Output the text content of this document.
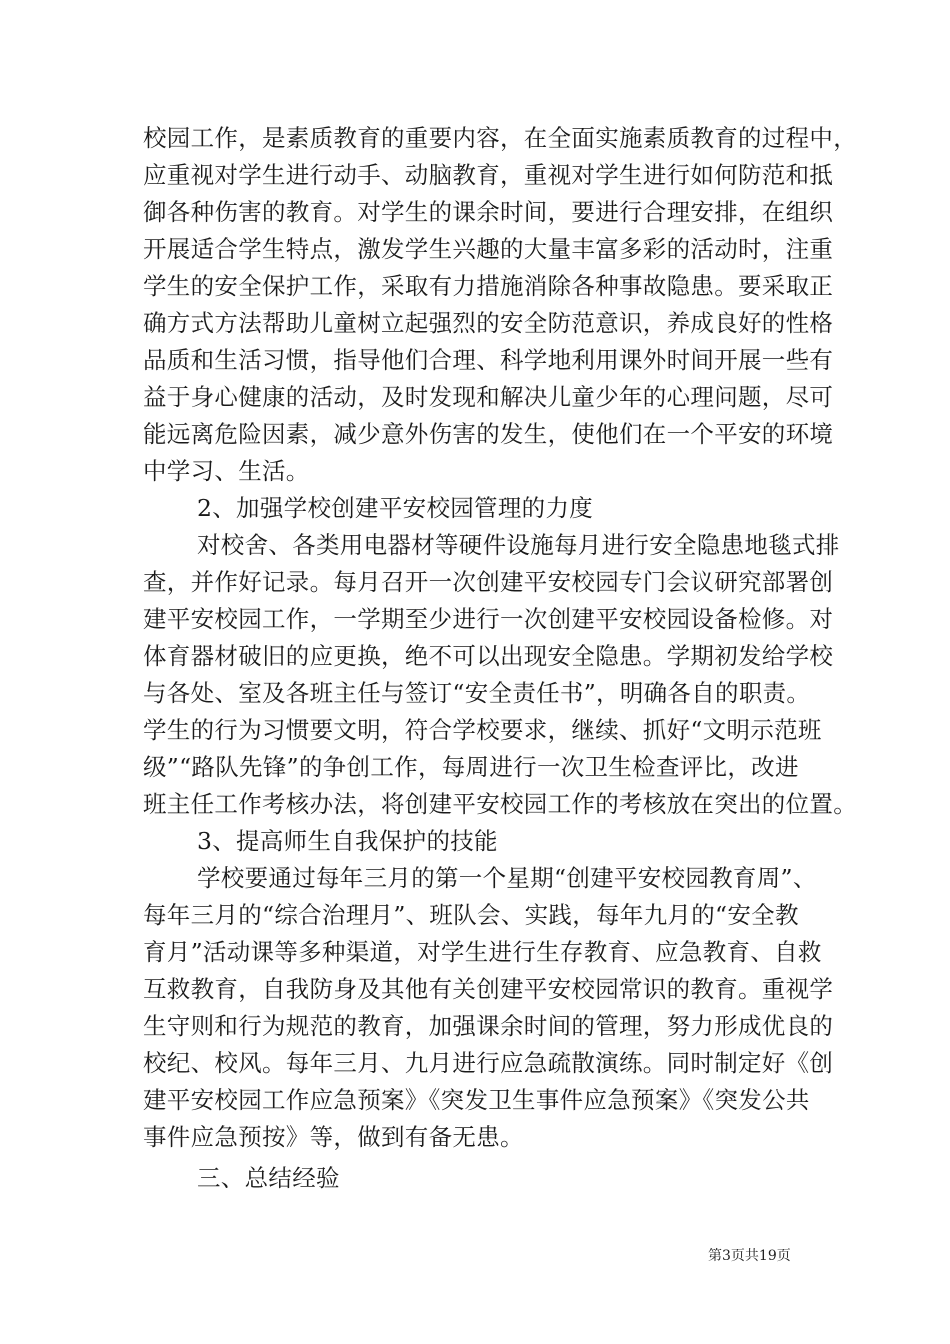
校园工作，是素质教育的重要内容，在全面实施素质教育的过程中，
应重视对学生进行动手、动脑教育，重视对学生进行如何防范和抵
御各种伤害的教育。对学生的课余时间，要进行合理安排，在组织
开展适合学生特点，激发学生兴趣的大量丰富多彩的活动时，注重
学生的安全保护工作，采取有力措施消除各种事故隐患。要采取正
确方式方法帮助儿童树立起强烈的安全防范意识，养成良好的性格
品质和生活习惯，指导他们合理、科学地利用课外时间开展一些有
益于身心健康的活动，及时发现和解决儿童少年的心理问题，尽可
能远离危险因素，减少意外伤害的发生，使他们在一个平安的环境
中学习、生活。
2、加强学校创建平安校园管理的力度
对校舍、各类用电器材等硬件设施每月进行安全隐患地毯式排
查，并作好记录。每月召开一次创建平安校园专门会议研究部署创
建平安校园工作，一学期至少进行一次创建平安校园设备检修。对
体育器材破旧的应更换，绝不可以出现安全隐患。学期初发给学校
与各处、室及各班主任与签订“安全责任书”，明确各自的职责。
学生的行为习惯要文明，符合学校要求，继续、抓好“文明示范班
级”“路队先锋”的争创工作，每周进行一次卫生检查评比，改进
班主任工作考核办法，将创建平安校园工作的考核放在突出的位置。
3、提高师生自我保护的技能
学校要通过每年三月的第一个星期“创建平安校园教育周”、
每年三月的“综合治理月”、班队会、实践，每年九月的“安全教
育月”活动课等多种渠道，对学生进行生存教育、应急教育、自救
互救教育，自我防身及其他有关创建平安校园常识的教育。重视学
生守则和行为规范的教育，加强课余时间的管理，努力形成优良的
校纪、校风。每年三月、九月进行应急疏散演练。同时制定好《创
建平安校园工作应急预案》《突发卫生事件应急预案》《突发公共
事件应急预按》等，做到有备无患。
三、总结经验
第3页共19页
